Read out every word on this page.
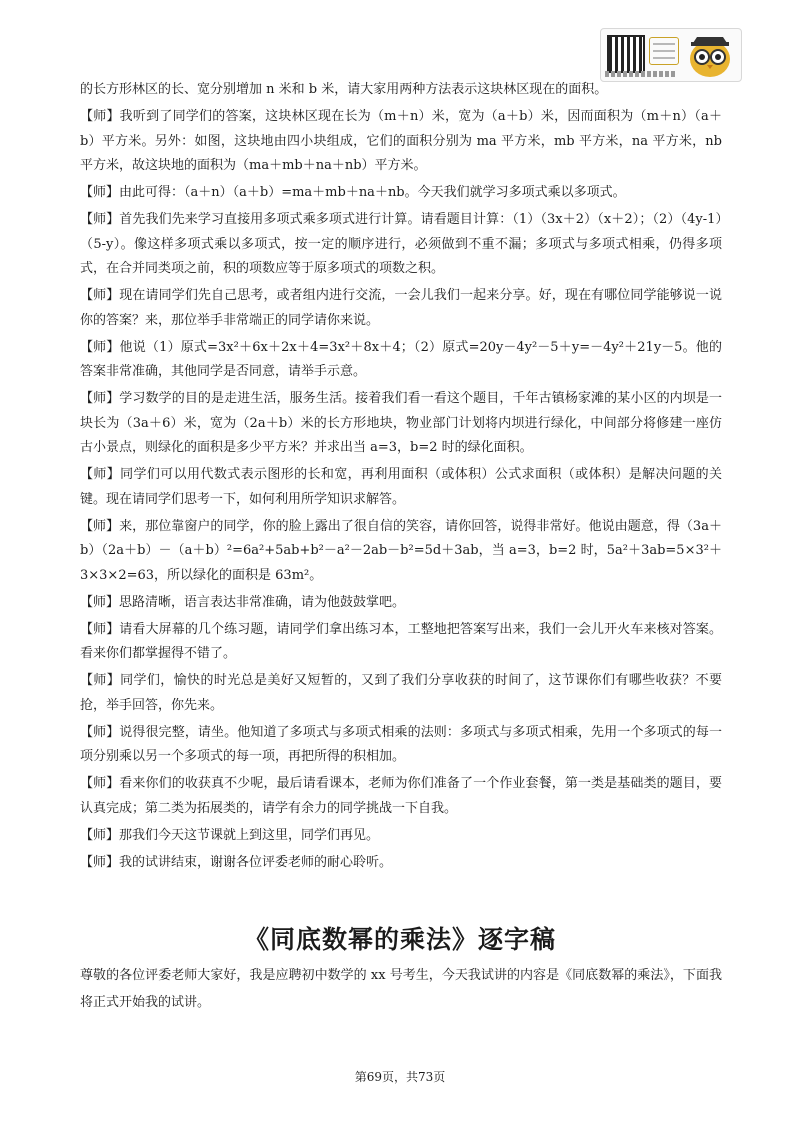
的长方形林区的长、宽分别增加 n 米和 b 米，请大家用两种方法表示这块林区现在的面积。

【师】我听到了同学们的答案，这块林区现在长为（m＋n）米，宽为（a＋b）米，因而面积为（m＋n）（a＋b）平方米。另外：如图，这块地由四小块组成，它们的面积分别为 ma 平方米，mb 平方米，na 平方米，nb 平方米，故这块地的面积为（ma＋mb＋na＋nb）平方米。

【师】由此可得：（a＋n）（a＋b）=ma＋mb＋na＋nb。今天我们就学习多项式乘以多项式。

【师】首先我们先来学习直接用多项式乘多项式进行计算。请看题目计算：（1）（3x＋2）（x＋2）；（2）（4y-1）（5-y）。像这样多项式乘以多项式，按一定的顺序进行，必须做到不重不漏；多项式与多项式相乘，仍得多项式，在合并同类项之前，积的项数应等于原多项式的项数之积。

【师】现在请同学们先自己思考，或者组内进行交流，一会儿我们一起来分享。好，现在有哪位同学能够说一说你的答案？来，那位举手非常端正的同学请你来说。

【师】他说（1）原式=3x²＋6x＋2x＋4=3x²＋8x＋4；（2）原式=20y－4y²－5＋y=－4y²＋21y－5。他的答案非常准确，其他同学是否同意，请举手示意。

【师】学习数学的目的是走进生活，服务生活。接着我们看一看这个题目，千年古镇杨家滩的某小区的内坝是一块长为（3a＋6）米，宽为（2a＋b）米的长方形地块，物业部门计划将内坝进行绿化，中间部分将修建一座仿古小景点，则绿化的面积是多少平方米？并求出当 a=3，b=2 时的绿化面积。

【师】同学们可以用代数式表示图形的长和宽，再利用面积（或体积）公式求面积（或体积）是解决问题的关键。现在请同学们思考一下，如何利用所学知识求解答。

【师】来，那位靠窗户的同学，你的脸上露出了很自信的笑容，请你回答，说得非常好。他说由题意，得（3a＋b）（2a＋b）－（a＋b）²=6a²+5ab+b²－a²－2ab－b²=5d＋3ab，当 a=3，b=2 时，5a²＋3ab=5×3²＋3×3×2=63，所以绿化的面积是 63m²。

【师】思路清晰，语言表达非常准确，请为他鼓鼓掌吧。

【师】请看大屏幕的几个练习题，请同学们拿出练习本，工整地把答案写出来，我们一会儿开火车来核对答案。看来你们都掌握得不错了。

【师】同学们，愉快的时光总是美好又短暂的，又到了我们分享收获的时间了，这节课你们有哪些收获？不要抢，举手回答，你先来。

【师】说得很完整，请坐。他知道了多项式与多项式相乘的法则：多项式与多项式相乘，先用一个多项式的每一项分别乘以另一个多项式的每一项，再把所得的积相加。

【师】看来你们的收获真不少呢，最后请看课本，老师为你们准备了一个作业套餐，第一类是基础类的题目，要认真完成；第二类为拓展类的，请学有余力的同学挑战一下自我。

【师】那我们今天这节课就上到这里，同学们再见。

【师】我的试讲结束，谢谢各位评委老师的耐心聆听。

《同底数幂的乘法》逐字稿

尊敬的各位评委老师大家好，我是应聘初中数学的 xx 号考生，今天我试讲的内容是《同底数幂的乘法》，下面我将正式开始我的试讲。

第69页，共73页
